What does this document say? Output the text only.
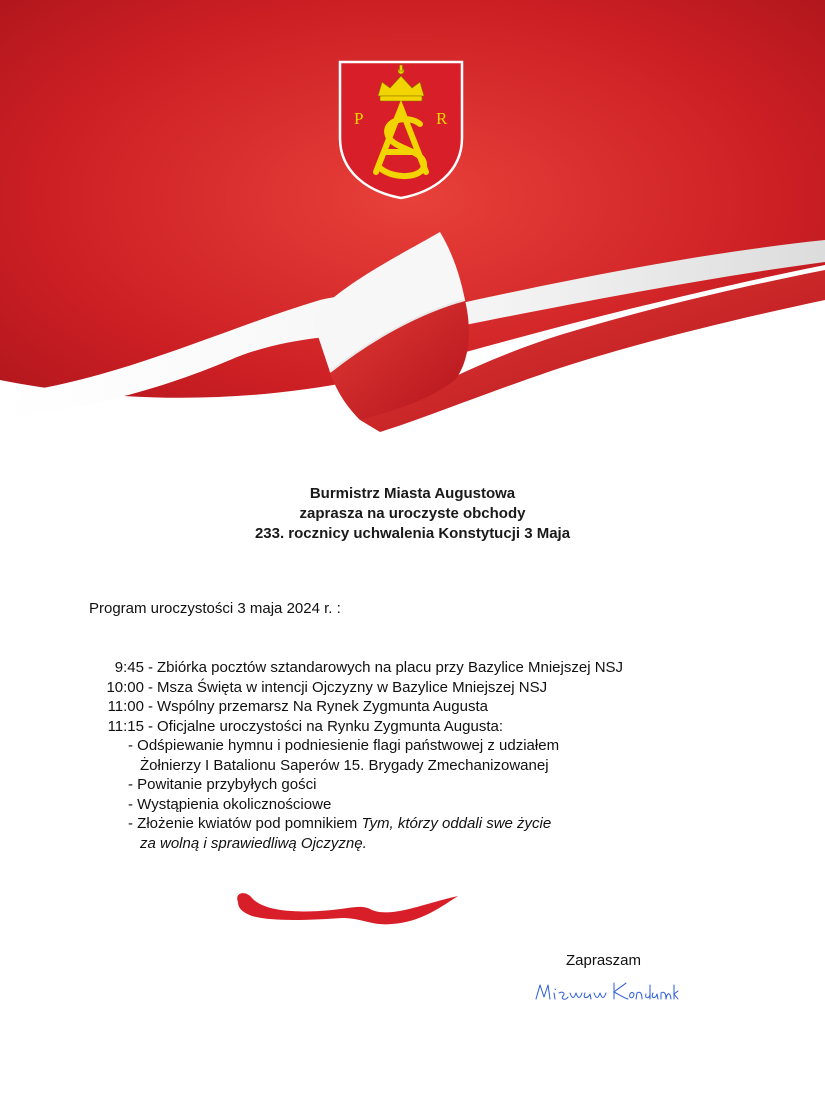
P	R
Burmistrz Miasta Augustowa
zaprasza na uroczyste obchody
233. rocznicy uchwalenia Konstytucji 3 Maja
Program uroczystości 3 maja 2024 r. :
9:45 - Zbiórka pocztów sztandarowych na placu przy Bazylice Mniejszej NSJ
10:00 - Msza Święta w intencji Ojczyzny w Bazylice Mniejszej NSJ
11:00 - Wspólny przemarsz Na Rynek Zygmunta Augusta
11:15 - Oficjalne uroczystości na Rynku Zygmunta Augusta:
- Odśpiewanie hymnu i podniesienie flagi państwowej z udziałem
Żołnierzy I Batalionu Saperów 15. Brygady Zmechanizowanej
- Powitanie przybyłych gości
- Wystąpienia okolicznościowe
- Złożenie kwiatów pod pomnikiem Tym, którzy oddali swe życie
za wolną i sprawiedliwą Ojczyznę.
Zapraszam
